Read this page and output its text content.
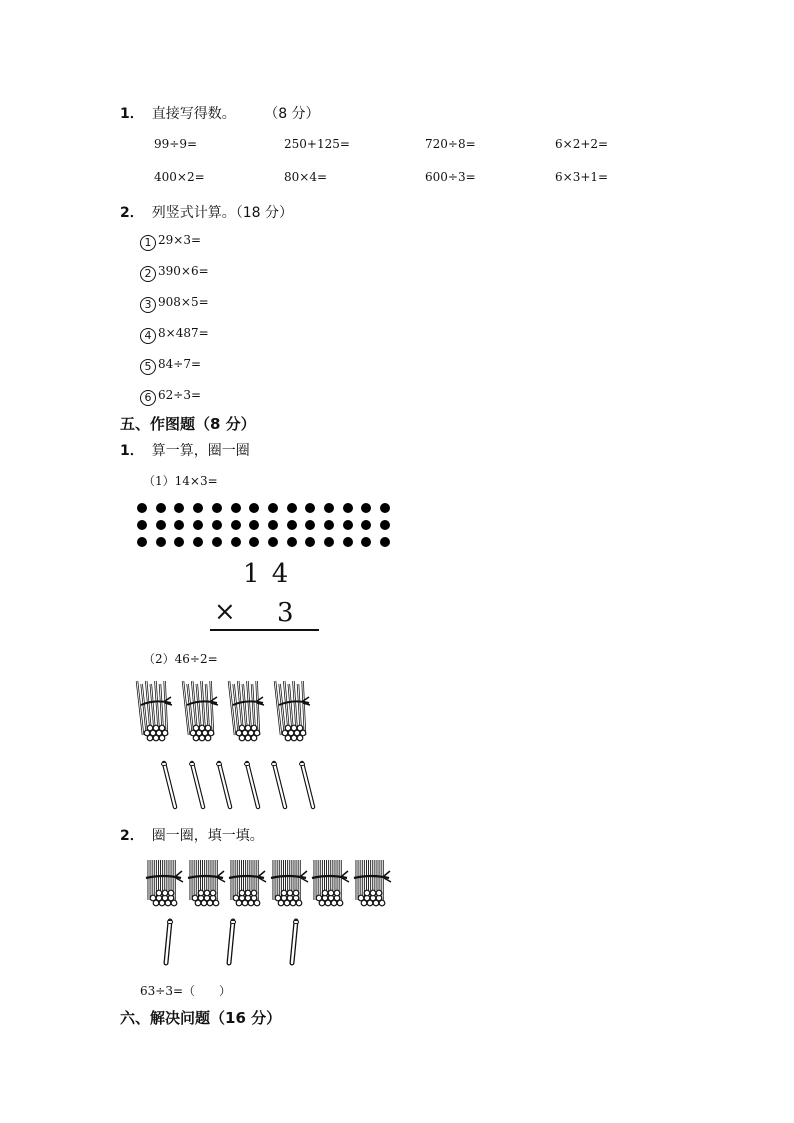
1． 直接写得数。 （8 分）
99÷9=	250+125=	720÷8=	6×2+2=
400×2=	80×4=	600÷3=	6×3+1=
2． 列竖式计算。（18 分）
1 29×3=
2 390×6=
3 908×5=
4 8×487=
5 84÷7=
6 62÷3=
五、作图题（8 分）
1． 算一算，圈一圈
（1）14×3=
1 4
× 3
（2）46÷2=
2． 圈一圈，填一填。
63÷3=（　　）
六、解决问题（16 分）
